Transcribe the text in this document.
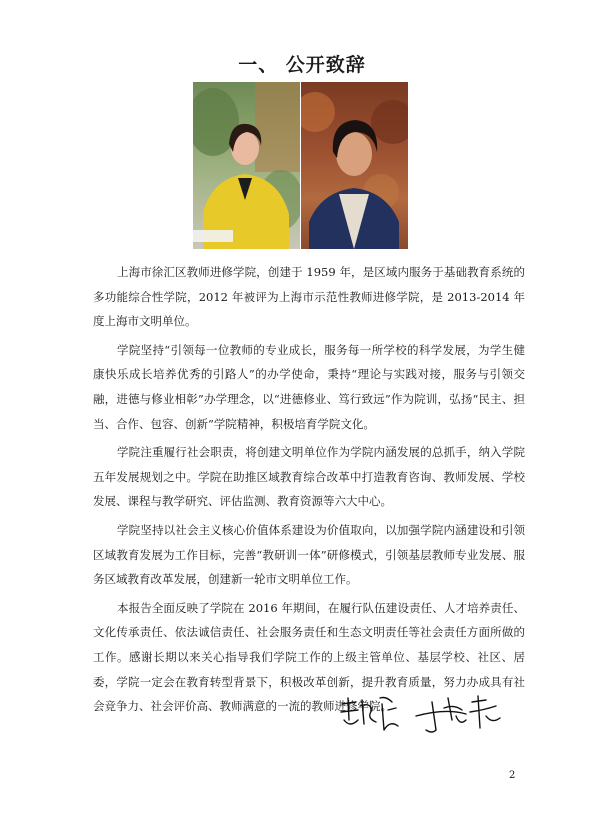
一、 公开致辞

上海市徐汇区教师进修学院，创建于 1959 年，是区域内服务于基础教育系统的多功能综合性学院，2012 年被评为上海市示范性教师进修学院，是 2013-2014 年度上海市文明单位。

学院坚持“引领每一位教师的专业成长，服务每一所学校的科学发展，为学生健康快乐成长培养优秀的引路人”的办学使命，秉持“理论与实践对接，服务与引领交融，进德与修业相彰”办学理念，以“进德修业、笃行致远”作为院训，弘扬“民主、担当、合作、包容、创新”学院精神，积极培育学院文化。

学院注重履行社会职责，将创建文明单位作为学院内涵发展的总抓手，纳入学院五年发展规划之中。学院在助推区域教育综合改革中打造教育咨询、教师发展、学校发展、课程与教学研究、评估监测、教育资源等六大中心。

学院坚持以社会主义核心价值体系建设为价值取向，以加强学院内涵建设和引领区域教育发展为工作目标，完善“教研训一体”研修模式，引领基层教师专业发展、服务区域教育改革发展，创建新一轮市文明单位工作。

本报告全面反映了学院在 2016 年期间，在履行队伍建设责任、人才培养责任、文化传承责任、依法诚信责任、社会服务责任和生态文明责任等社会责任方面所做的工作。感谢长期以来关心指导我们学院工作的上级主管单位、基层学校、社区、居委，学院一定会在教育转型背景下，积极改革创新，提升教育质量，努力办成具有社会竞争力、社会评价高、教师满意的一流的教师进修学院。

2
